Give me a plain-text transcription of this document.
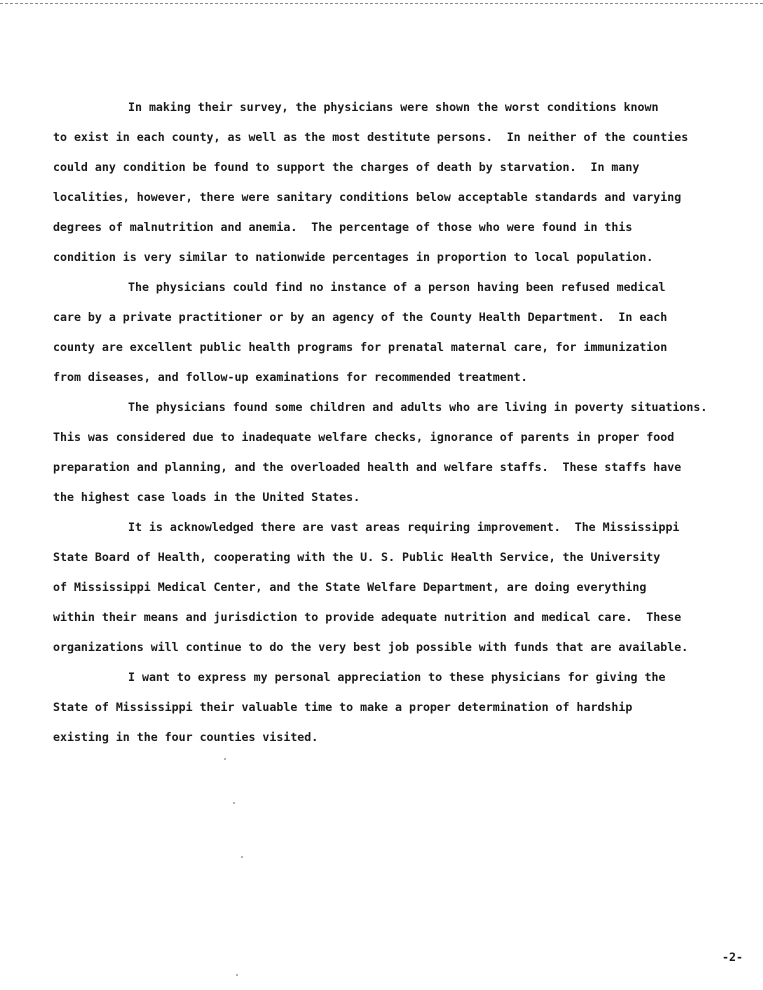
In making their survey, the physicians were shown the worst conditions known
to exist in each county, as well as the most destitute persons.  In neither of the counties
could any condition be found to support the charges of death by starvation.  In many
localities, however, there were sanitary conditions below acceptable standards and varying
degrees of malnutrition and anemia.  The percentage of those who were found in this
condition is very similar to nationwide percentages in proportion to local population.
The physicians could find no instance of a person having been refused medical
care by a private practitioner or by an agency of the County Health Department.  In each
county are excellent public health programs for prenatal maternal care, for immunization
from diseases, and follow-up examinations for recommended treatment.
The physicians found some children and adults who are living in poverty situations.
This was considered due to inadequate welfare checks, ignorance of parents in proper food
preparation and planning, and the overloaded health and welfare staffs.  These staffs have
the highest case loads in the United States.
It is acknowledged there are vast areas requiring improvement.  The Mississippi
State Board of Health, cooperating with the U. S. Public Health Service, the University
of Mississippi Medical Center, and the State Welfare Department, are doing everything
within their means and jurisdiction to provide adequate nutrition and medical care.  These
organizations will continue to do the very best job possible with funds that are available.
I want to express my personal appreciation to these physicians for giving the
State of Mississippi their valuable time to make a proper determination of hardship
existing in the four counties visited.
-2-
